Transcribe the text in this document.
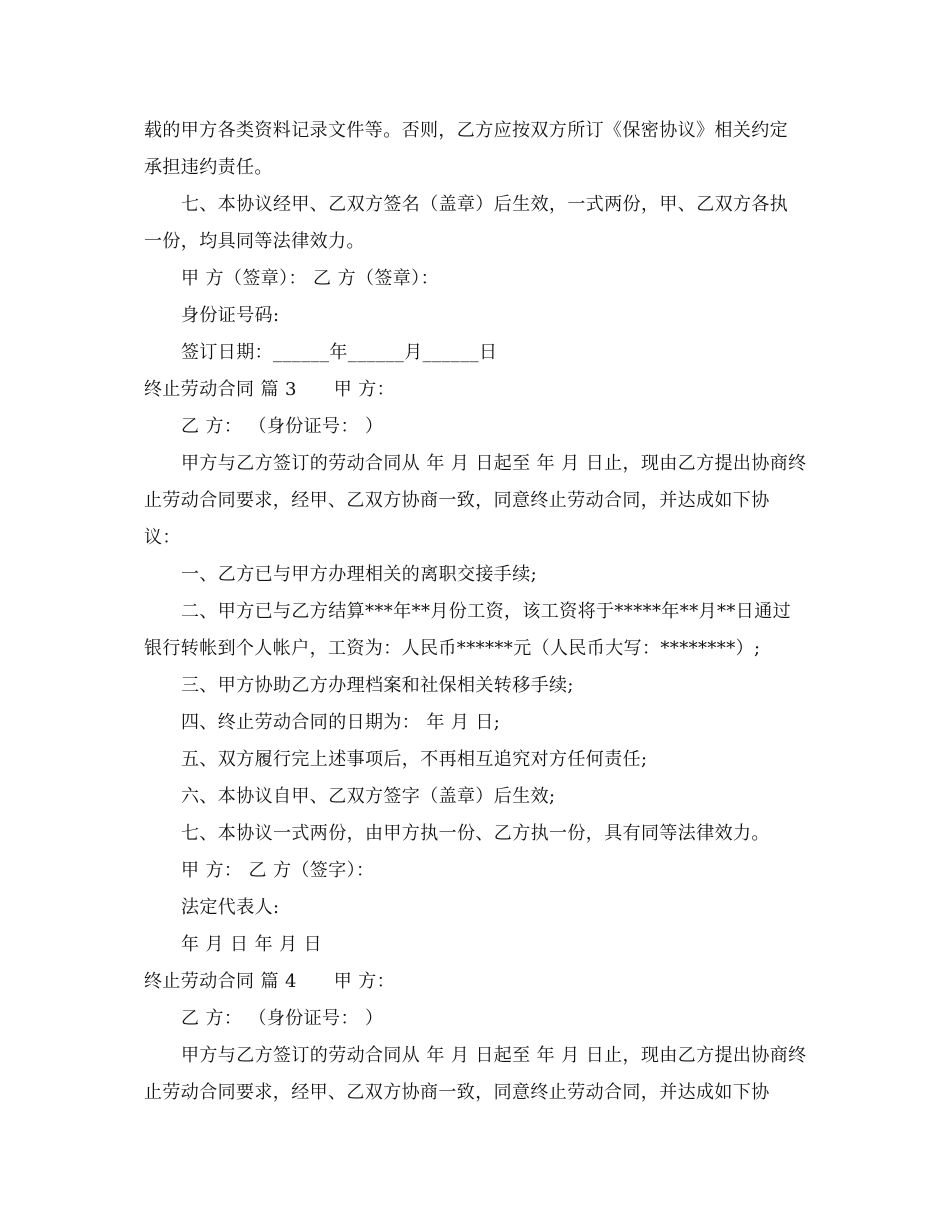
载的甲方各类资料记录文件等。否则，乙方应按双方所订《保密协议》相关约定
承担违约责任。
七、本协议经甲、乙双方签名（盖章）后生效，一式两份，甲、乙双方各执
一份，均具同等法律效力。
甲 方（签章）： 乙 方（签章）：
身份证号码:
签订日期：______年______月______日
终止劳动合同 篇 3　　甲 方：
乙 方： （身份证号： ）
甲方与乙方签订的劳动合同从 年 月 日起至 年 月 日止，现由乙方提出协商终
止劳动合同要求，经甲、乙双方协商一致，同意终止劳动合同，并达成如下协
议：
一、乙方已与甲方办理相关的离职交接手续;
二、甲方已与乙方结算***年**月份工资，该工资将于*****年**月**日通过
银行转帐到个人帐户，工资为：人民币******元（人民币大写：********）;
三、甲方协助乙方办理档案和社保相关转移手续;
四、终止劳动合同的日期为： 年 月 日;
五、双方履行完上述事项后，不再相互追究对方任何责任;
六、本协议自甲、乙双方签字（盖章）后生效;
七、本协议一式两份，由甲方执一份、乙方执一份，具有同等法律效力。
甲 方： 乙 方（签字）：
法定代表人:
年 月 日 年 月 日
终止劳动合同 篇 4　　甲 方：
乙 方： （身份证号： ）
甲方与乙方签订的劳动合同从 年 月 日起至 年 月 日止，现由乙方提出协商终
止劳动合同要求，经甲、乙双方协商一致，同意终止劳动合同，并达成如下协
